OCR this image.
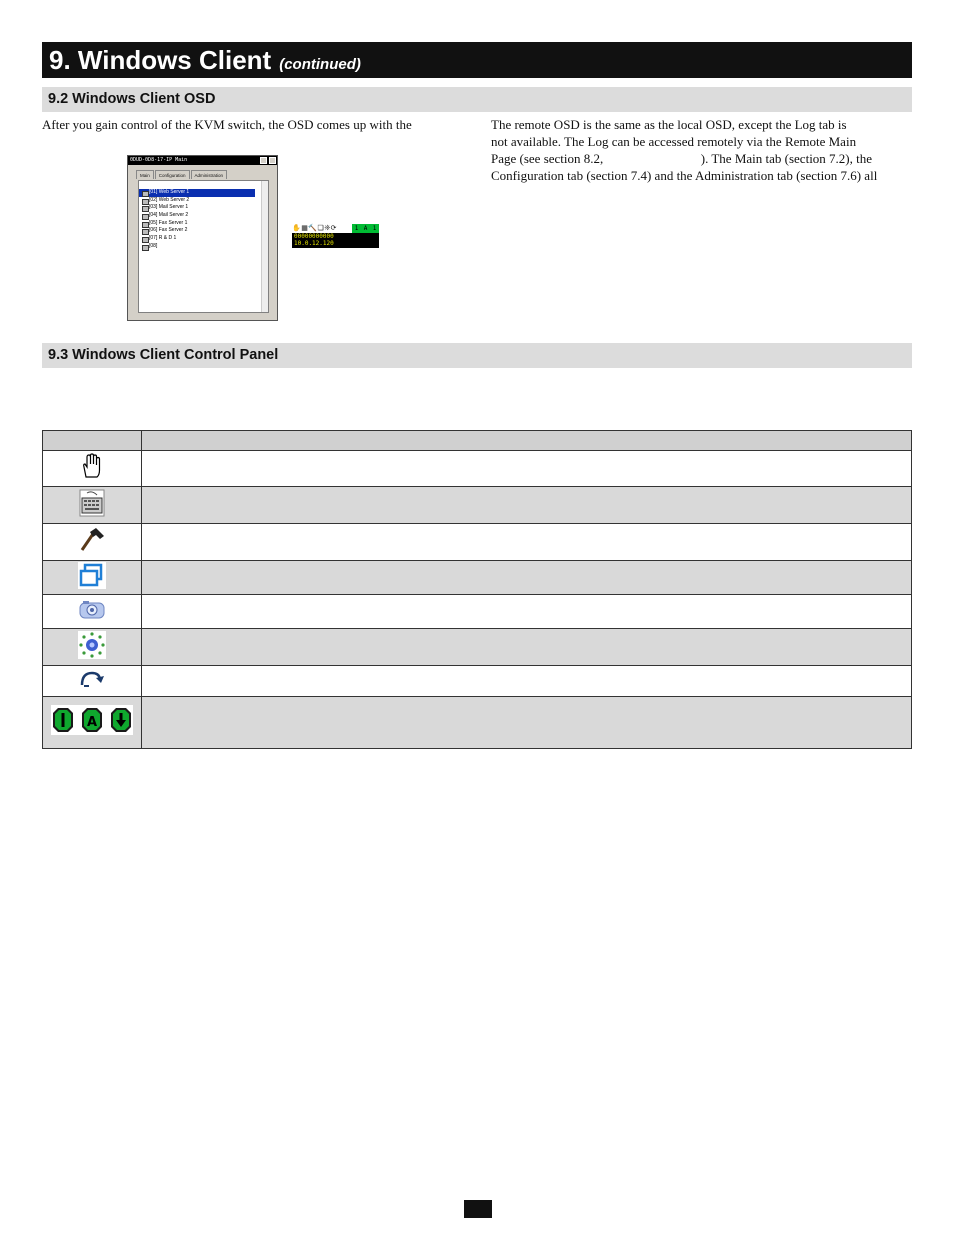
9. Windows Client (continued)
9.2 Windows Client OSD
After you gain control of the KVM switch, the OSD comes up with the	The remote OSD is the same as the local OSD, except the Log tab is
not available. The Log can be accessed remotely via the Remote Main
Page (see section 8.2,                              ). The Main tab (section 7.2), the
Configuration tab (section 7.4) and the Administration tab (section 7.6) all
0DUD-0D8-17-IP Main
Main	Configuration	Administration
[01] Web Server 1
[02] Web Server 2
[03] Mail Server 1
[04] Mail Server 2
[05] Fax Server 1
[06] Fax Server 2
[07] R & D 1
[08]
✋▦🔨❏❊⟳	1 A 1
00000000000
10.0.12.120
9.3 Windows Client Control Panel

A	
